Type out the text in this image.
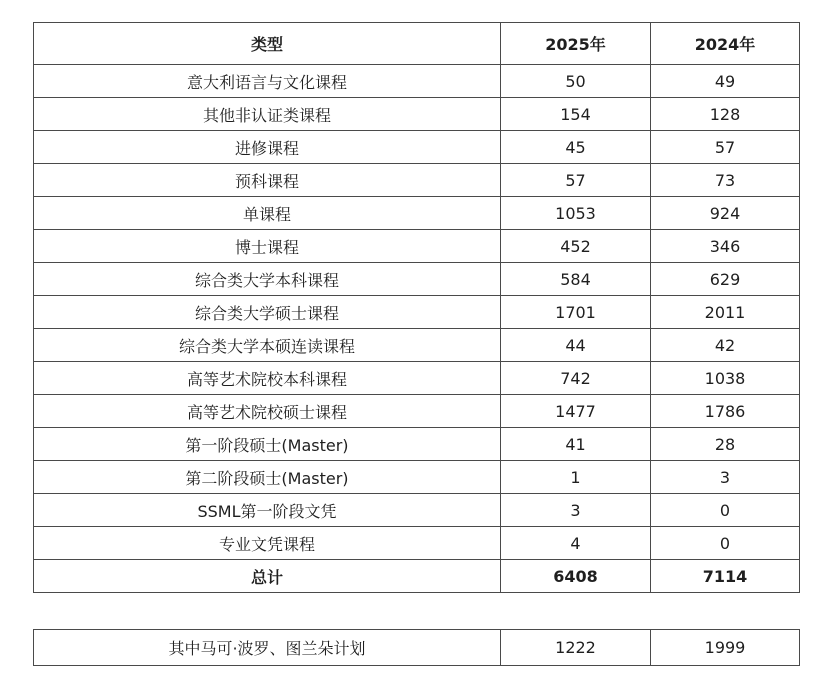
类型	2025年	2024年
意大利语言与文化课程	50	49
其他非认证类课程	154	128
进修课程	45	57
预科课程	57	73
单课程	1053	924
博士课程	452	346
综合类大学本科课程	584	629
综合类大学硕士课程	1701	2011
综合类大学本硕连读课程	44	42
高等艺术院校本科课程	742	1038
高等艺术院校硕士课程	1477	1786
第一阶段硕士(Master)	41	28
第二阶段硕士(Master)	1	3
SSML第一阶段文凭	3	0
专业文凭课程	4	0
总计	6408	7114
其中马可·波罗、图兰朵计划	1222	1999
